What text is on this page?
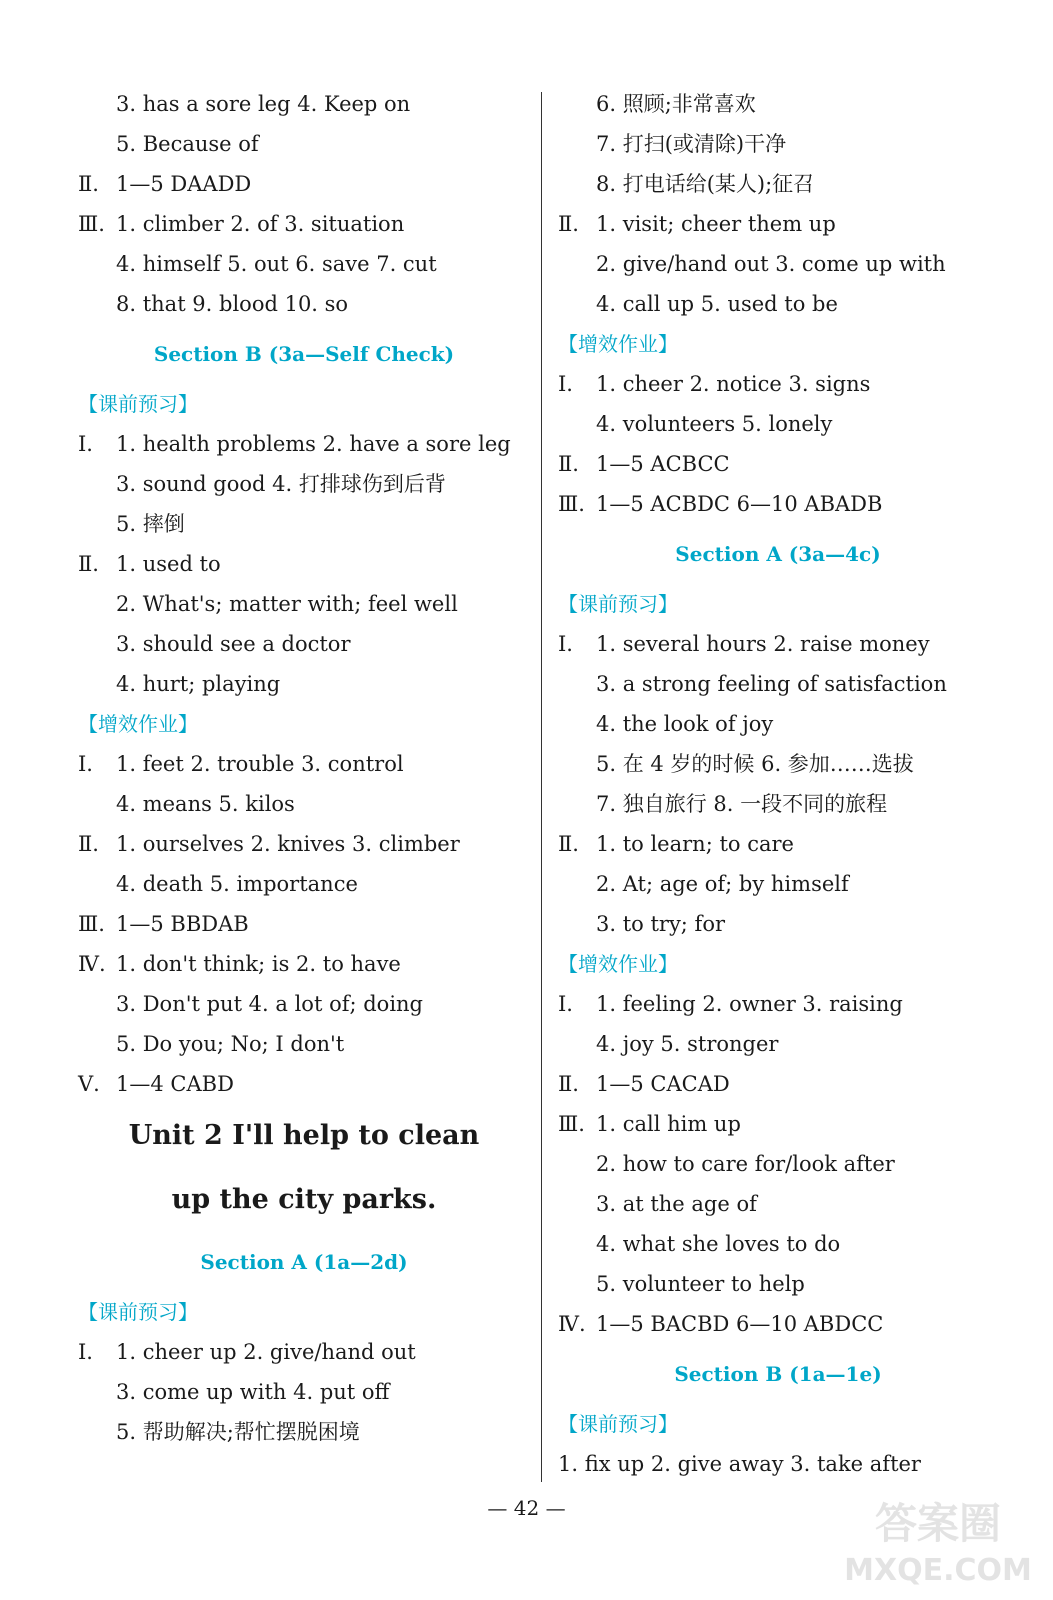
3. has a sore leg 4. Keep on
5. Because of
Ⅱ. 1—5 DAADD
Ⅲ. 1. climber 2. of 3. situation
4. himself 5. out 6. save 7. cut
8. that 9. blood 10. so
Section B (3a—Self Check)
【课前预习】
Ⅰ. 1. health problems 2. have a sore leg
3. sound good 4. 打排球伤到后背
5. 摔倒
Ⅱ. 1. used to
2. What's; matter with; feel well
3. should see a doctor
4. hurt; playing
【增效作业】
Ⅰ. 1. feet 2. trouble 3. control
4. means 5. kilos
Ⅱ. 1. ourselves 2. knives 3. climber
4. death 5. importance
Ⅲ. 1—5 BBDAB
Ⅳ. 1. don't think; is 2. to have
3. Don't put 4. a lot of; doing
5. Do you; No; I don't
Ⅴ. 1—4 CABD
Unit 2 I'll help to clean
up the city parks.
Section A (1a—2d)
【课前预习】
Ⅰ. 1. cheer up 2. give/hand out
3. come up with 4. put off
5. 帮助解决;帮忙摆脱困境
6. 照顾;非常喜欢
7. 打扫(或清除)干净
8. 打电话给(某人);征召
Ⅱ. 1. visit; cheer them up
2. give/hand out 3. come up with
4. call up 5. used to be
【增效作业】
Ⅰ. 1. cheer 2. notice 3. signs
4. volunteers 5. lonely
Ⅱ. 1—5 ACBCC
Ⅲ. 1—5 ACBDC 6—10 ABADB
Section A (3a—4c)
【课前预习】
Ⅰ. 1. several hours 2. raise money
3. a strong feeling of satisfaction
4. the look of joy
5. 在 4 岁的时候 6. 参加……选拔
7. 独自旅行 8. 一段不同的旅程
Ⅱ. 1. to learn; to care
2. At; age of; by himself
3. to try; for
【增效作业】
Ⅰ. 1. feeling 2. owner 3. raising
4. joy 5. stronger
Ⅱ. 1—5 CACAD
Ⅲ. 1. call him up
2. how to care for/look after
3. at the age of
4. what she loves to do
5. volunteer to help
Ⅳ. 1—5 BACBD 6—10 ABDCC
Section B (1a—1e)
【课前预习】
1. fix up 2. give away 3. take after
— 42 —	答案圈
MXQE.COM
